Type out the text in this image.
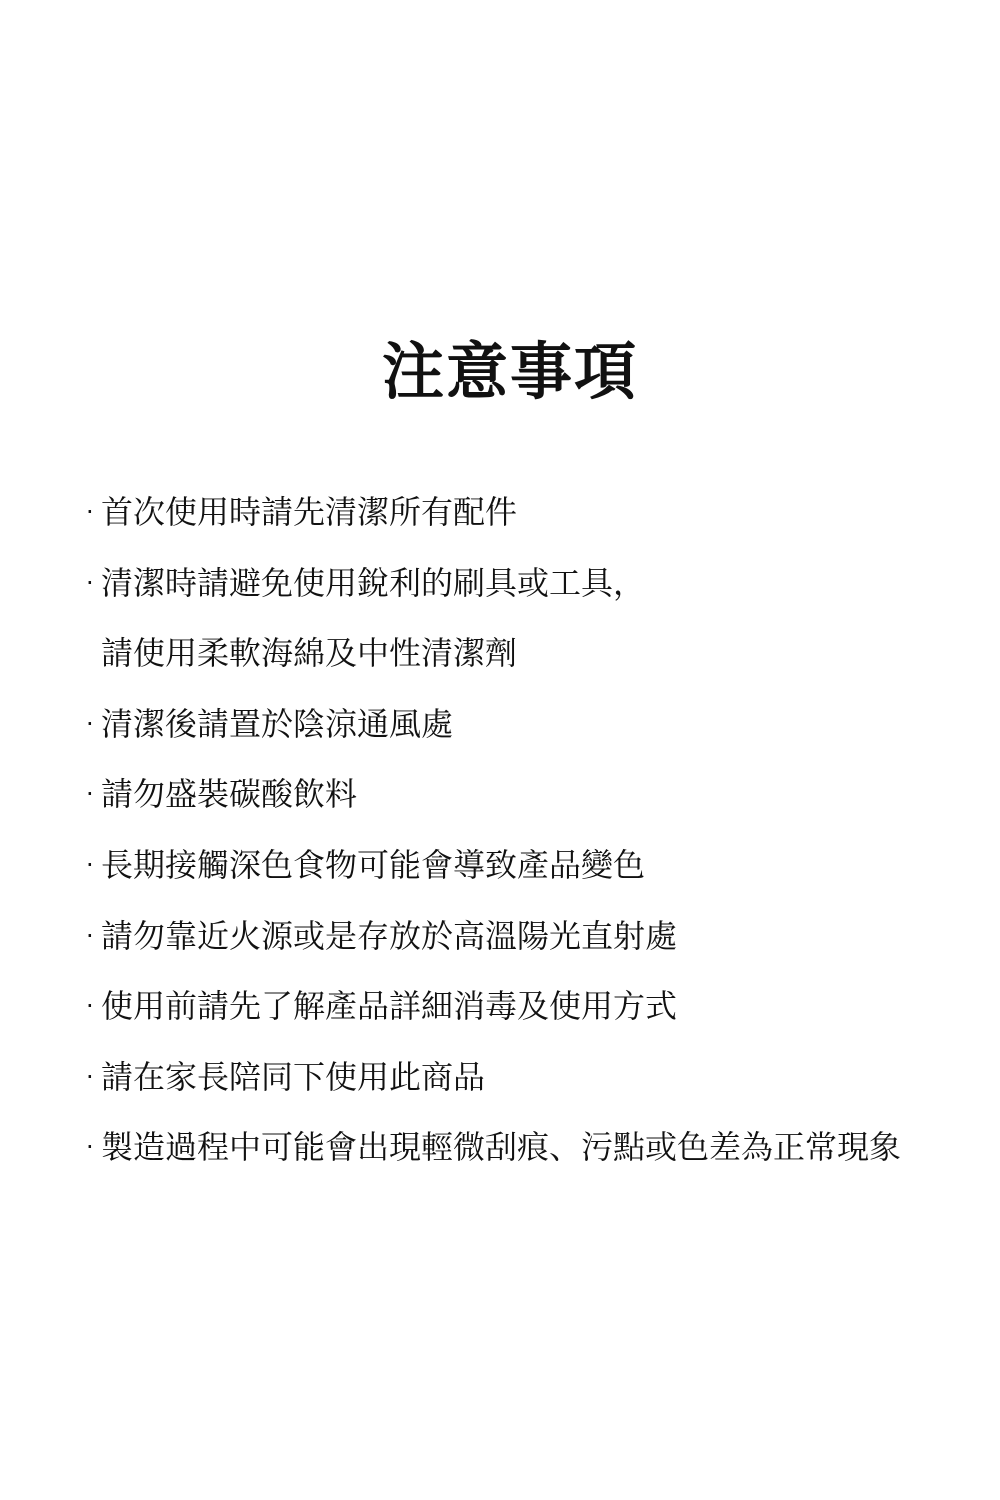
注意事項
· 首次使用時請先清潔所有配件
· 清潔時請避免使用銳利的刷具或工具，
請使用柔軟海綿及中性清潔劑
· 清潔後請置於陰涼通風處
· 請勿盛裝碳酸飲料
· 長期接觸深色食物可能會導致產品變色
· 請勿靠近火源或是存放於高溫陽光直射處
· 使用前請先了解產品詳細消毒及使用方式
· 請在家長陪同下使用此商品
· 製造過程中可能會出現輕微刮痕、污點或色差為正常現象
